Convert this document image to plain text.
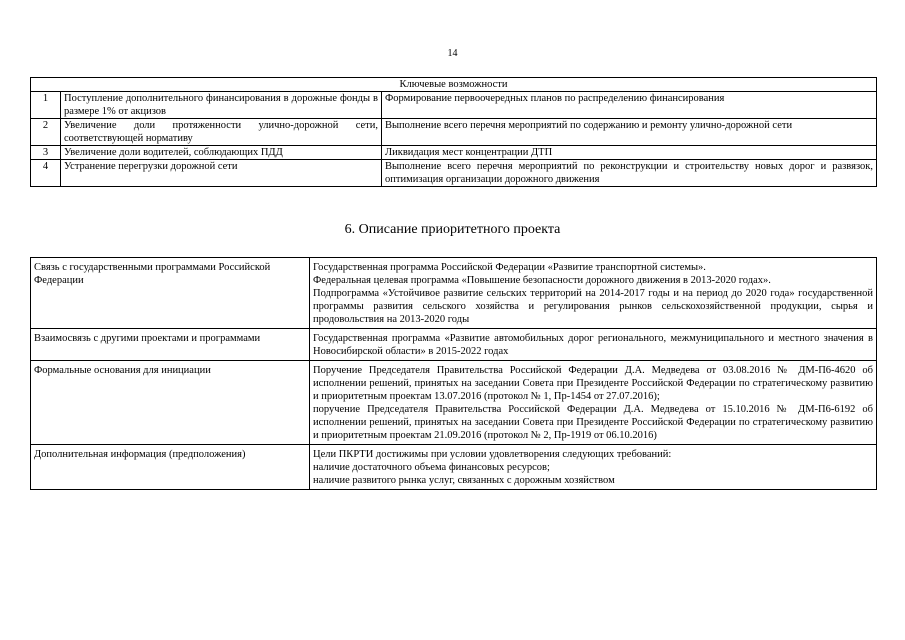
14
Ключевые возможности		
1	Поступление дополнительного финансирования в дорожные фонды в размере 1% от акцизов	Формирование первоочередных планов по распределению финансирования
2	Увеличение доли протяженности улично-дорожной сети, соответствующей нормативу	Выполнение всего перечня мероприятий по содержанию и ремонту улично-дорожной сети
3	Увеличение доли водителей, соблюдающих ПДД	Ликвидация мест концентрации ДТП
4	Устранение перегрузки дорожной сети	Выполнение всего перечня мероприятий по реконструкции и строительству новых дорог и развязок, оптимизация организации дорожного движения
6. Описание приоритетного проекта
Связь с государственными программами Российской Федерации	Государственная программа Российской Федерации «Развитие транспортной системы».

Федеральная целевая программа «Повышение безопасности дорожного движения в 2013-2020 годах».

Подпрограмма «Устойчивое развитие сельских территорий на 2014-2017 годы и на период до 2020 года» государственной программы развития сельского хозяйства и регулирования рынков сельскохозяйственной продукции, сырья и продовольствия на 2013-2020 годы

Взаимосвязь с другими проектами и программами	Государственная программа «Развитие автомобильных дорог регионального, межмуниципального и местного значения в Новосибирской области» в 2015-2022 годах

Формальные основания для инициации	Поручение Председателя Правительства Российской Федерации Д.А. Медведева от 03.08.2016 № ДМ-П6-4620 об исполнении решений, принятых на заседании Совета при Президенте Российской Федерации по стратегическому развитию и приоритетным проектам 13.07.2016 (протокол № 1, Пр-1454 от 27.07.2016);

поручение Председателя Правительства Российской Федерации Д.А. Медведева от 15.10.2016 № ДМ-П6-6192 об исполнении решений, принятых на заседании Совета при Президенте Российской Федерации по стратегическому развитию и приоритетным проектам 21.09.2016 (протокол № 2, Пр-1919 от 06.10.2016)

Дополнительная информация (предположения)	Цели ПКРТИ достижимы при условии удовлетворения следующих требований:

наличие достаточного объема финансовых ресурсов;

наличие развитого рынка услуг, связанных с дорожным хозяйством
